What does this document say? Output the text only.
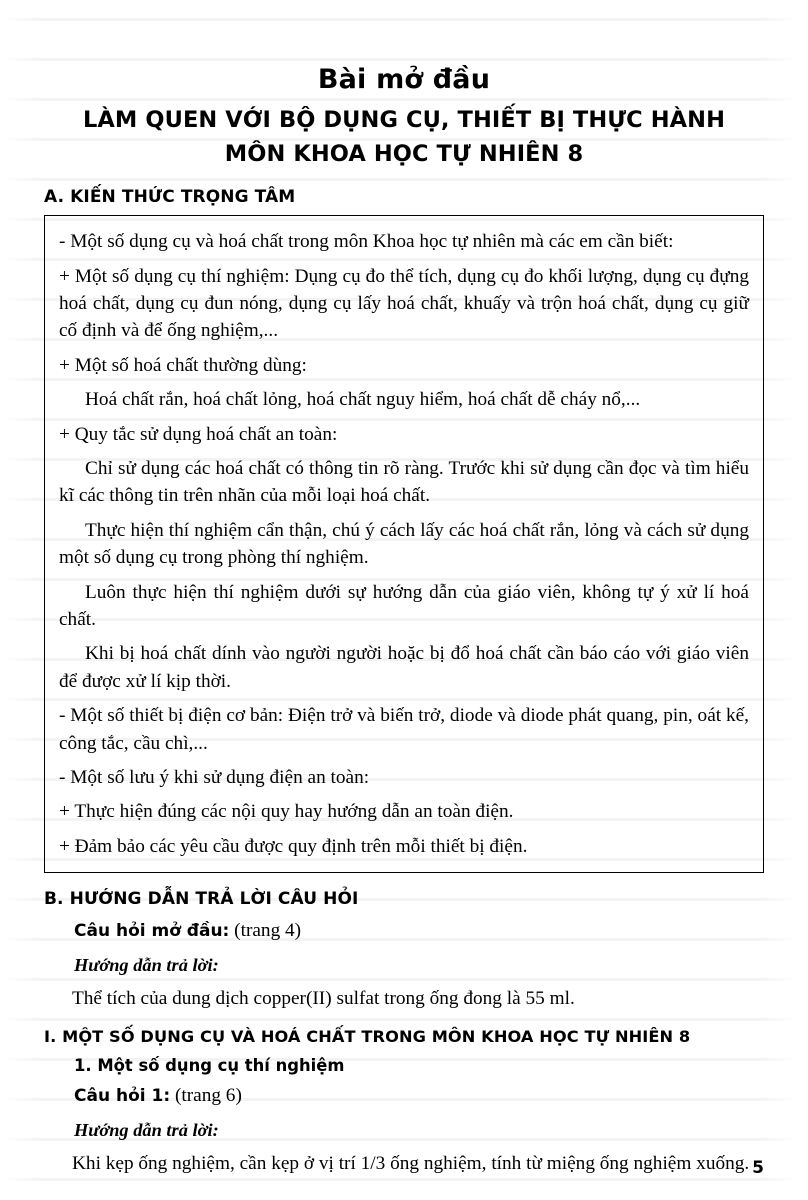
Bài mở đầu
LÀM QUEN VỚI BỘ DỤNG CỤ, THIẾT BỊ THỰC HÀNH
MÔN KHOA HỌC TỰ NHIÊN 8
A. KIẾN THỨC TRỌNG TÂM

- Một số dụng cụ và hoá chất trong môn Khoa học tự nhiên mà các em cần biết:

+ Một số dụng cụ thí nghiệm: Dụng cụ đo thể tích, dụng cụ đo khối lượng, dụng cụ đựng hoá chất, dụng cụ đun nóng, dụng cụ lấy hoá chất, khuấy và trộn hoá chất, dụng cụ giữ cố định và để ống nghiệm,...

+ Một số hoá chất thường dùng:

Hoá chất rắn, hoá chất lỏng, hoá chất nguy hiểm, hoá chất dễ cháy nổ,...

+ Quy tắc sử dụng hoá chất an toàn:

Chỉ sử dụng các hoá chất có thông tin rõ ràng. Trước khi sử dụng cần đọc và tìm hiểu kĩ các thông tin trên nhãn của mỗi loại hoá chất.

Thực hiện thí nghiệm cẩn thận, chú ý cách lấy các hoá chất rắn, lỏng và cách sử dụng một số dụng cụ trong phòng thí nghiệm.

Luôn thực hiện thí nghiệm dưới sự hướng dẫn của giáo viên, không tự ý xử lí hoá chất.

Khi bị hoá chất dính vào người người hoặc bị đổ hoá chất cần báo cáo với giáo viên để được xử lí kịp thời.

- Một số thiết bị điện cơ bản: Điện trở và biến trở, diode và diode phát quang, pin, oát kế, công tắc, cầu chì,...

- Một số lưu ý khi sử dụng điện an toàn:

+ Thực hiện đúng các nội quy hay hướng dẫn an toàn điện.

+ Đảm bảo các yêu cầu được quy định trên mỗi thiết bị điện.

B. HƯỚNG DẪN TRẢ LỜI CÂU HỎI

Câu hỏi mở đầu: (trang 4)

Hướng dẫn trả lời:

Thể tích của dung dịch copper(II) sulfat trong ống đong là 55 ml.

I. MỘT SỐ DỤNG CỤ VÀ HOÁ CHẤT TRONG MÔN KHOA HỌC TỰ NHIÊN 8
1. Một số dụng cụ thí nghiệm

Câu hỏi 1: (trang 6)

Hướng dẫn trả lời:

Khi kẹp ống nghiệm, cần kẹp ở vị trí 1/3 ống nghiệm, tính từ miệng ống nghiệm xuống. 5
